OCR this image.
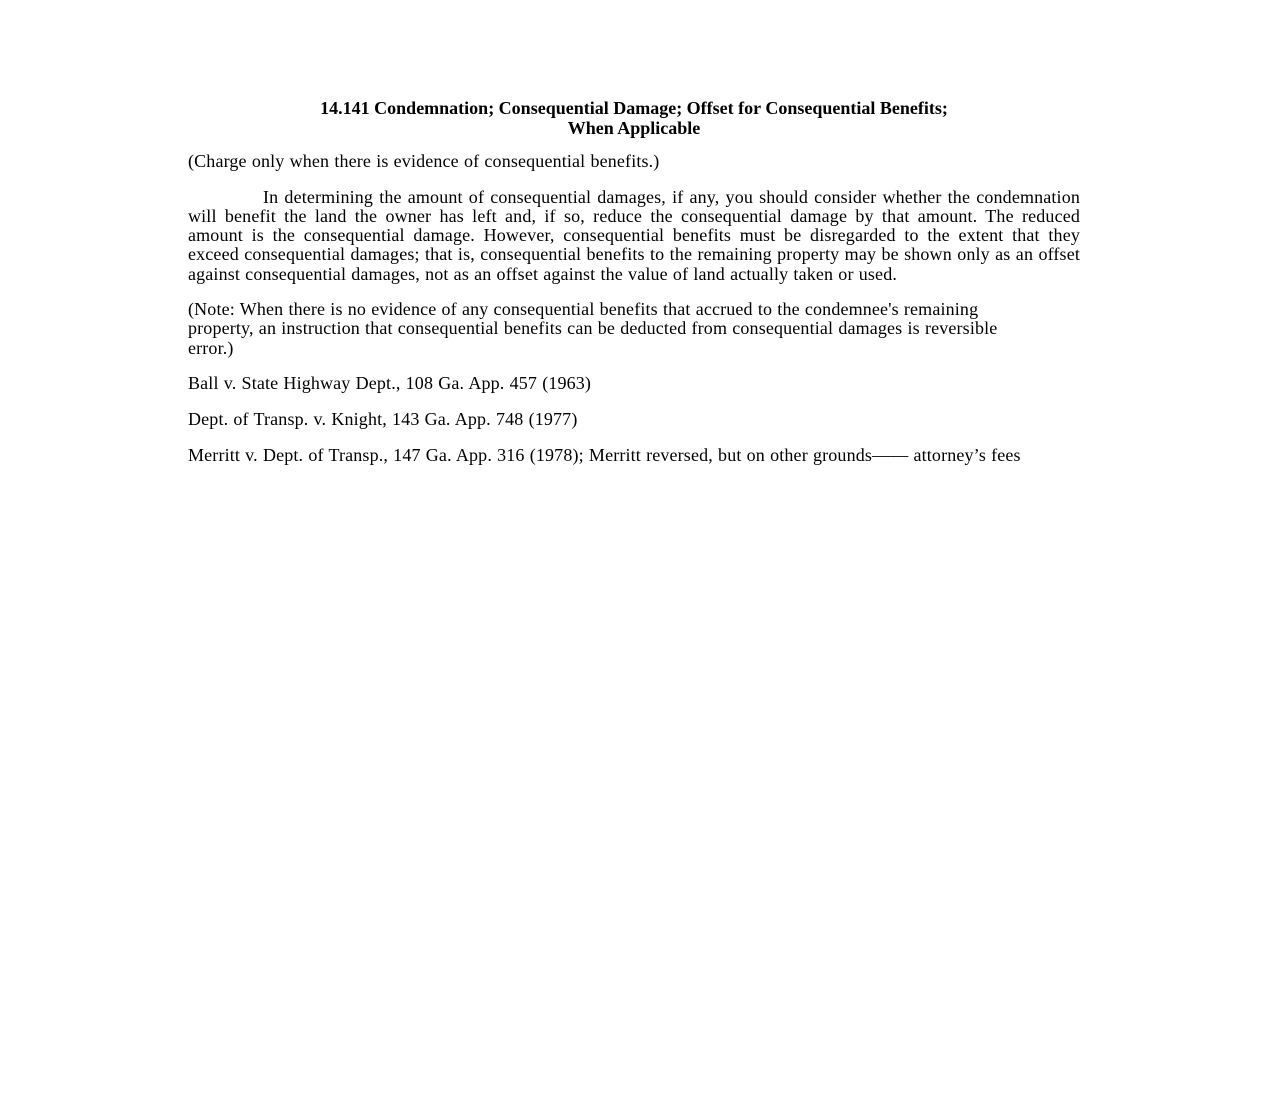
14.141 Condemnation; Consequential Damage; Offset for Consequential Benefits;
When Applicable

(Charge only when there is evidence of consequential benefits.)

In determining the amount of consequential damages, if any, you should consider whether the condemnation will benefit the land the owner has left and, if so, reduce the consequential damage by that amount. The reduced amount is the consequential damage. However, consequential benefits must be disregarded to the extent that they exceed consequential damages; that is, consequential benefits to the remaining property may be shown only as an offset against consequential damages, not as an offset against the value of land actually taken or used.

(Note: When there is no evidence of any consequential benefits that accrued to the condemnee's remaining property, an instruction that consequential benefits can be deducted from consequential damages is reversible error.)

Ball v. State Highway Dept., 108 Ga. App. 457 (1963)

Dept. of Transp. v. Knight, 143 Ga. App. 748 (1977)

Merritt v. Dept. of Transp., 147 Ga. App. 316 (1978); Merritt reversed, but on other grounds—— attorney’s fees
